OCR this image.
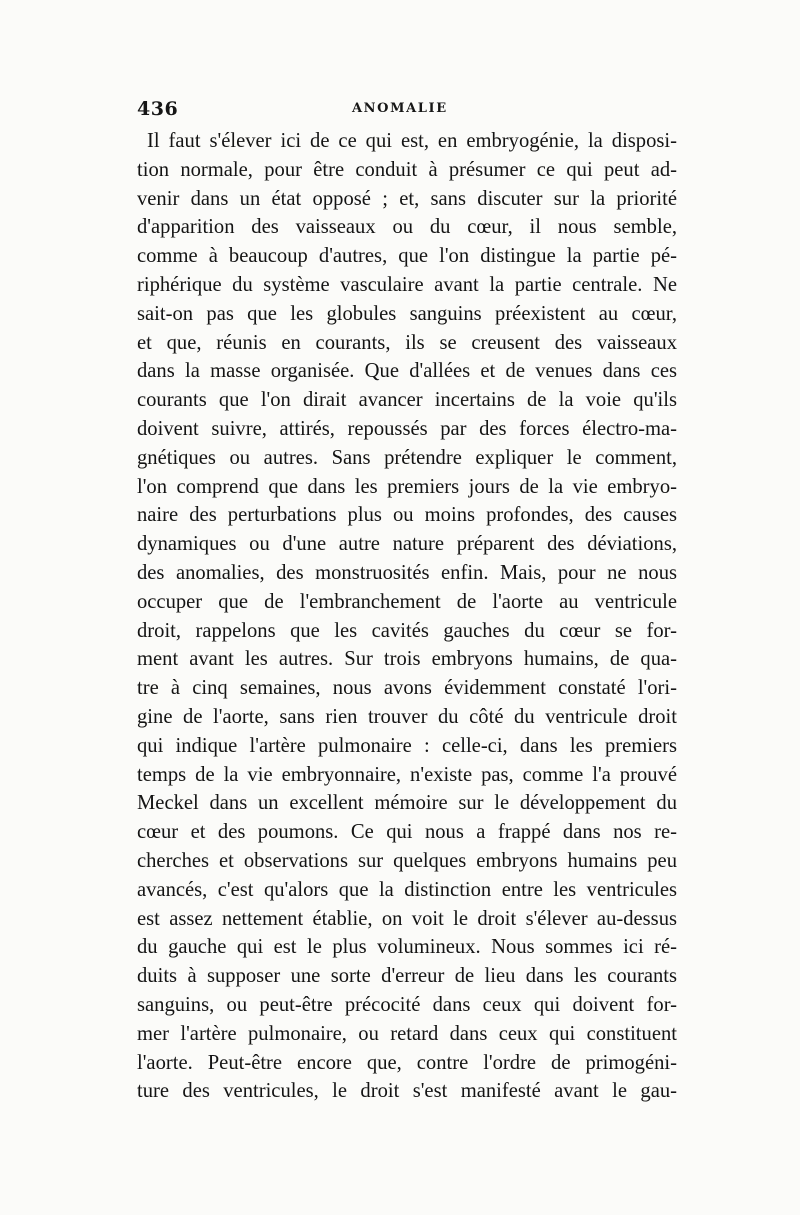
436	ANOMALIE
Il faut s'élever ici de ce qui est, en embryogénie, la disposi-
tion normale, pour être conduit à présumer ce qui peut ad-
venir dans un état opposé ; et, sans discuter sur la priorité
d'apparition des vaisseaux ou du cœur, il nous semble,
comme à beaucoup d'autres, que l'on distingue la partie pé-
riphérique du système vasculaire avant la partie centrale. Ne
sait-on pas que les globules sanguins préexistent au cœur,
et que, réunis en courants, ils se creusent des vaisseaux
dans la masse organisée. Que d'allées et de venues dans ces
courants que l'on dirait avancer incertains de la voie qu'ils
doivent suivre, attirés, repoussés par des forces électro-ma-
gnétiques ou autres. Sans prétendre expliquer le comment,
l'on comprend que dans les premiers jours de la vie embryo-
naire des perturbations plus ou moins profondes, des causes
dynamiques ou d'une autre nature préparent des déviations,
des anomalies, des monstruosités enfin. Mais, pour ne nous
occuper que de l'embranchement de l'aorte au ventricule
droit, rappelons que les cavités gauches du cœur se for-
ment avant les autres. Sur trois embryons humains, de qua-
tre à cinq semaines, nous avons évidemment constaté l'ori-
gine de l'aorte, sans rien trouver du côté du ventricule droit
qui indique l'artère pulmonaire : celle-ci, dans les premiers
temps de la vie embryonnaire, n'existe pas, comme l'a prouvé
Meckel dans un excellent mémoire sur le développement du
cœur et des poumons. Ce qui nous a frappé dans nos re-
cherches et observations sur quelques embryons humains peu
avancés, c'est qu'alors que la distinction entre les ventricules
est assez nettement établie, on voit le droit s'élever au-dessus
du gauche qui est le plus volumineux. Nous sommes ici ré-
duits à supposer une sorte d'erreur de lieu dans les courants
sanguins, ou peut-être précocité dans ceux qui doivent for-
mer l'artère pulmonaire, ou retard dans ceux qui constituent
l'aorte. Peut-être encore que, contre l'ordre de primogéni-
ture des ventricules, le droit s'est manifesté avant le gau-
